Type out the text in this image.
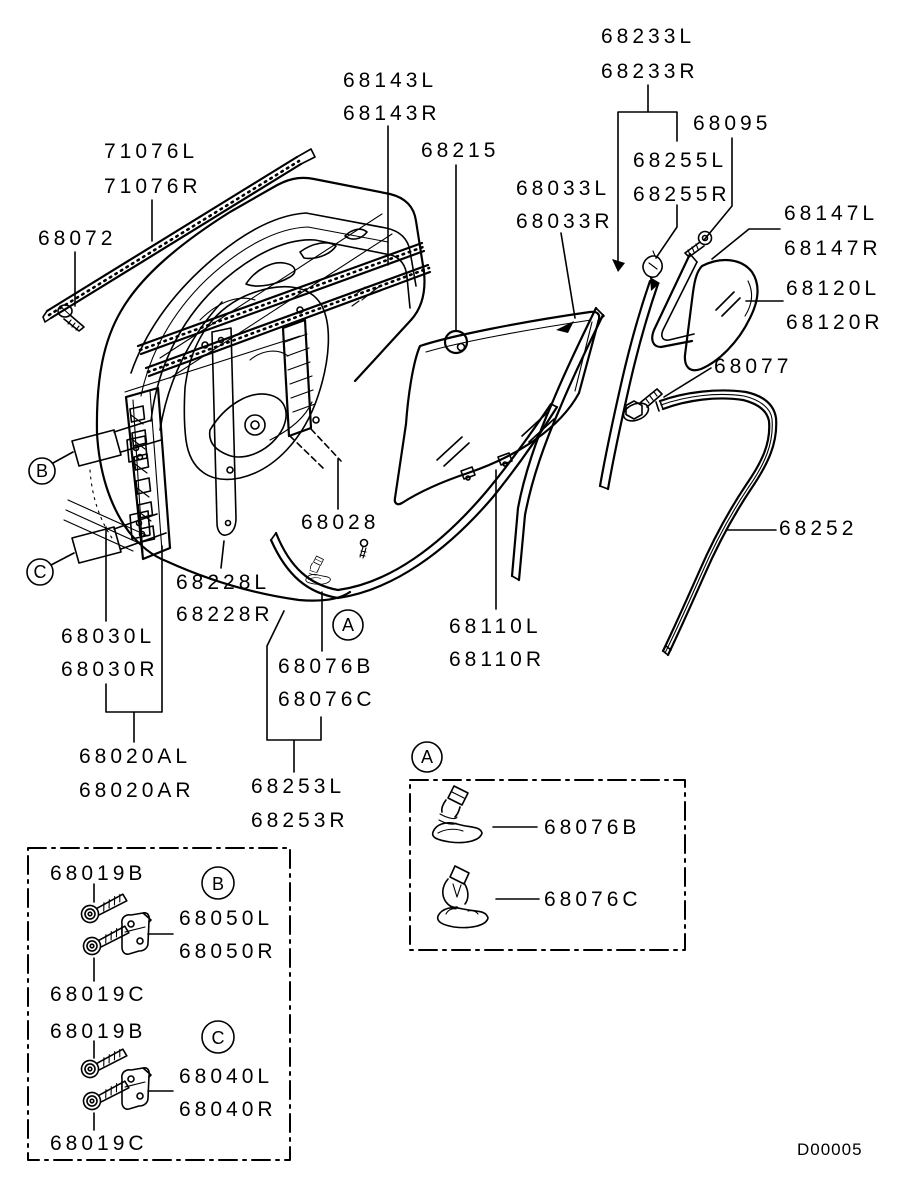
B
C
A
A
B
C
71076L
71076R
68072
68143L
68143R
68215
68233L
68233R
68033L
68033R
68095
68255L
68255R
68147L
68147R
68120L
68120R
68077
68252
68028
68228L
68228R
68030L
68030R
68020AL
68020AR
68110L
68110R
68076B
68076C
68253L
68253R
68019B
68050L
68050R
68019C
68019B
68040L
68040R
68019C
68076B
68076C
D00005
